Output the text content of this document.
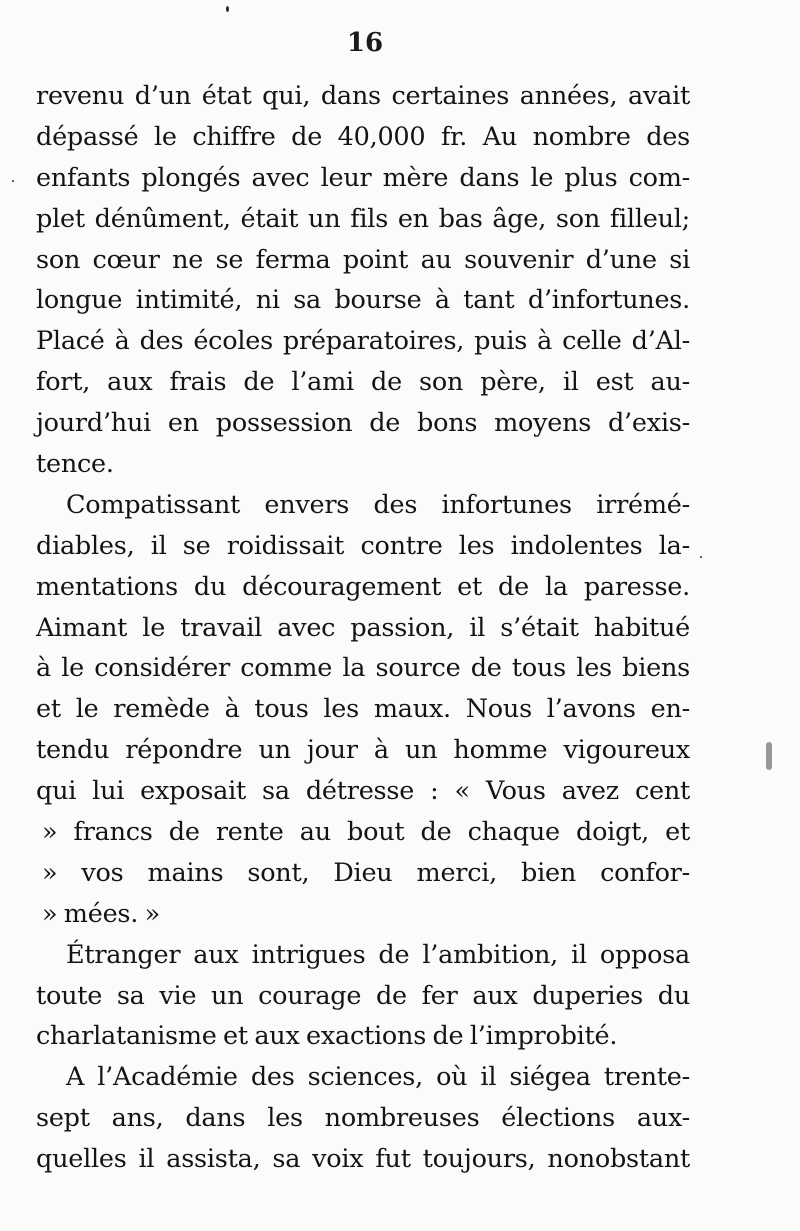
16
revenu d’un état qui, dans certaines années, avait
dépassé le chiffre de 40,000 fr. Au nombre des
enfants plongés avec leur mère dans le plus com-
plet dénûment, était un fils en bas âge, son filleul;
son cœur ne se ferma point au souvenir d’une si
longue intimité, ni sa bourse à tant d’infortunes.
Placé à des écoles préparatoires, puis à celle d’Al-
fort, aux frais de l’ami de son père, il est au-
jourd’hui en possession de bons moyens d’exis-
tence.
Compatissant envers des infortunes irrémé-
diables, il se roidissait contre les indolentes la-
mentations du découragement et de la paresse.
Aimant le travail avec passion, il s’était habitué
à le considérer comme la source de tous les biens
et le remède à tous les maux. Nous l’avons en-
tendu répondre un jour à un homme vigoureux
qui lui exposait sa détresse : « Vous avez cent
» francs de rente au bout de chaque doigt, et
» vos mains sont, Dieu merci, bien confor-
» mées. »
Étranger aux intrigues de l’ambition, il opposa
toute sa vie un courage de fer aux duperies du
charlatanisme et aux exactions de l’improbité.
A l’Académie des sciences, où il siégea trente-
sept ans, dans les nombreuses élections aux-
quelles il assista, sa voix fut toujours, nonobstant
